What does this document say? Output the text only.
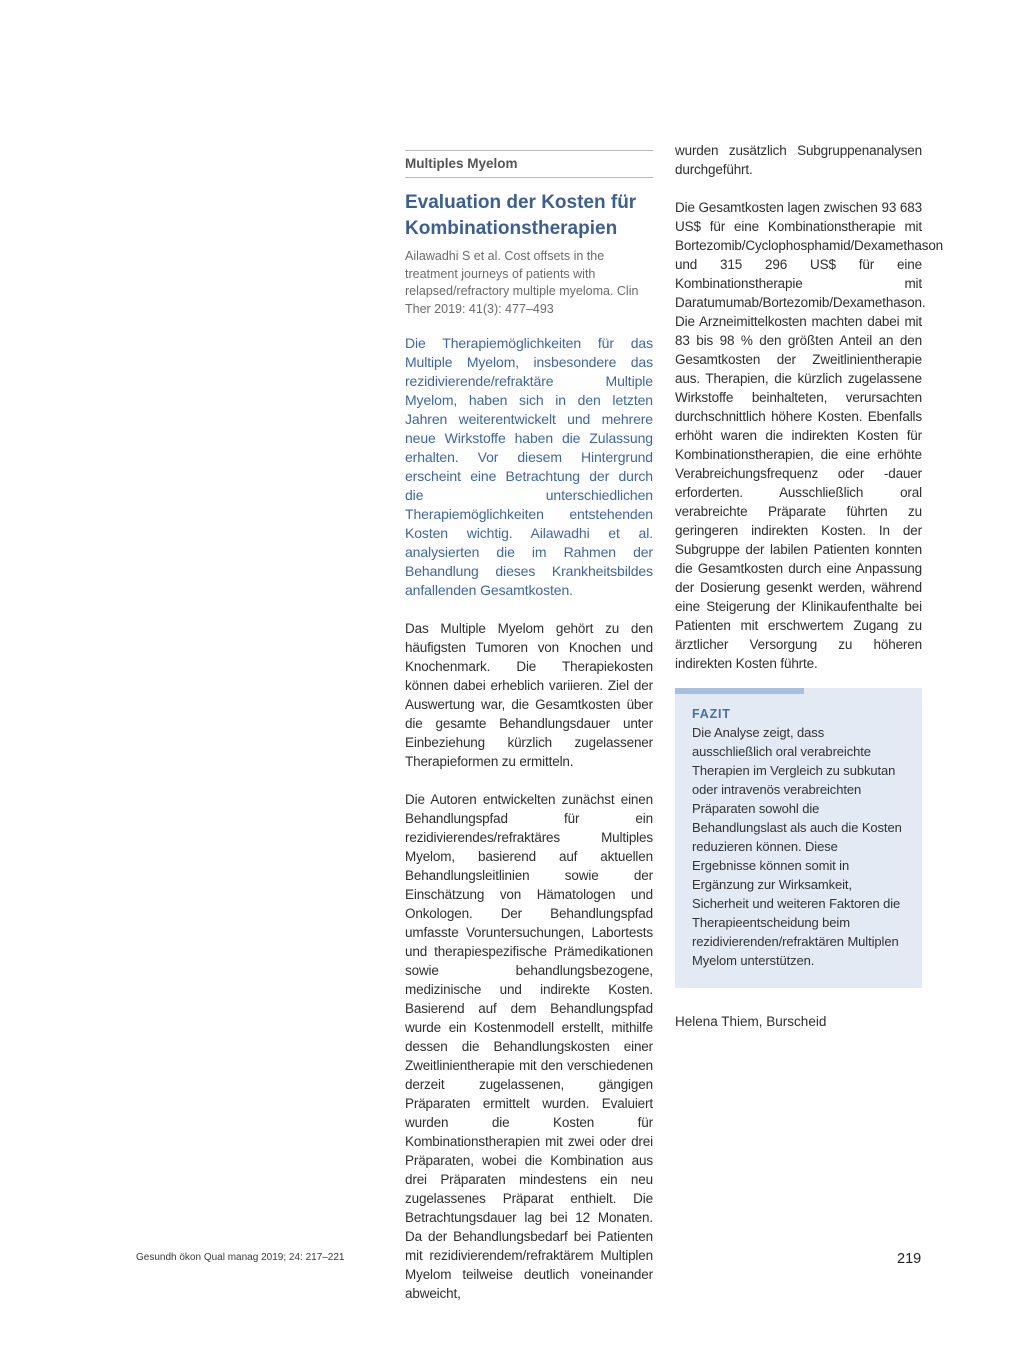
Multiples Myelom
Evaluation der Kosten für Kombinationstherapien

Ailawadhi S et al. Cost offsets in the treatment journeys of patients with relapsed/refractory multiple myeloma. Clin Ther 2019: 41(3): 477–493

Die Therapiemöglichkeiten für das Multiple Myelom, insbesondere das rezidivierende/refraktäre Multiple Myelom, haben sich in den letzten Jahren weiterentwickelt und mehrere neue Wirkstoffe haben die Zulassung erhalten. Vor diesem Hintergrund erscheint eine Betrachtung der durch die unterschiedlichen Therapiemöglichkeiten entstehenden Kosten wichtig. Ailawadhi et al. analysierten die im Rahmen der Behandlung dieses Krankheitsbildes anfallenden Gesamtkosten.

Das Multiple Myelom gehört zu den häufigsten Tumoren von Knochen und Knochenmark. Die Therapiekosten können dabei erheblich variieren. Ziel der Auswertung war, die Gesamtkosten über die gesamte Behandlungsdauer unter Einbeziehung kürzlich zugelassener Therapieformen zu ermitteln.

Die Autoren entwickelten zunächst einen Behandlungspfad für ein rezidivierendes/refraktäres Multiples Myelom, basierend auf aktuellen Behandlungsleitlinien sowie der Einschätzung von Hämatologen und Onkologen. Der Behandlungspfad umfasste Voruntersuchungen, Labortests und therapiespezifische Prämedikationen sowie behandlungsbezogene, medizinische und indirekte Kosten. Basierend auf dem Behandlungspfad wurde ein Kostenmodell erstellt, mithilfe dessen die Behandlungskosten einer Zweitlinientherapie mit den verschiedenen derzeit zugelassenen, gängigen Präparaten ermittelt wurden. Evaluiert wurden die Kosten für Kombinationstherapien mit zwei oder drei Präparaten, wobei die Kombination aus drei Präparaten mindestens ein neu zugelassenes Präparat enthielt. Die Betrachtungsdauer lag bei 12 Monaten. Da der Behandlungsbedarf bei Patienten mit rezidivierendem/refraktärem Multiplen Myelom teilweise deutlich voneinander abweicht,

wurden zusätzlich Subgruppenanalysen durchgeführt.

Die Gesamtkosten lagen zwischen 93 683 US$ für eine Kombinationstherapie mit Bortezomib/Cyclophosphamid/Dexamethason und 315 296 US$ für eine Kombinationstherapie mit Daratumumab/Bortezomib/Dexamethason. Die Arzneimittelkosten machten dabei mit 83 bis 98 % den größten Anteil an den Gesamtkosten der Zweitlinientherapie aus. Therapien, die kürzlich zugelassene Wirkstoffe beinhalteten, verursachten durchschnittlich höhere Kosten. Ebenfalls erhöht waren die indirekten Kosten für Kombinationstherapien, die eine erhöhte Verabreichungsfrequenz oder -dauer erforderten. Ausschließlich oral verabreichte Präparate führten zu geringeren indirekten Kosten. In der Subgruppe der labilen Patienten konnten die Gesamtkosten durch eine Anpassung der Dosierung gesenkt werden, während eine Steigerung der Klinikaufenthalte bei Patienten mit erschwertem Zugang zu ärztlicher Versorgung zu höheren indirekten Kosten führte.

FAZIT

Die Analyse zeigt, dass ausschließlich oral verabreichte Therapien im Vergleich zu subkutan oder intravenös verabreichten Präparaten sowohl die Behandlungslast als auch die Kosten reduzieren können. Diese Ergebnisse können somit in Ergänzung zur Wirksamkeit, Sicherheit und weiteren Faktoren die Therapieentscheidung beim rezidivierenden/refraktären Multiplen Myelom unterstützen.

Helena Thiem, Burscheid
Gesundh ökon Qual manag 2019; 24: 217–221	219
